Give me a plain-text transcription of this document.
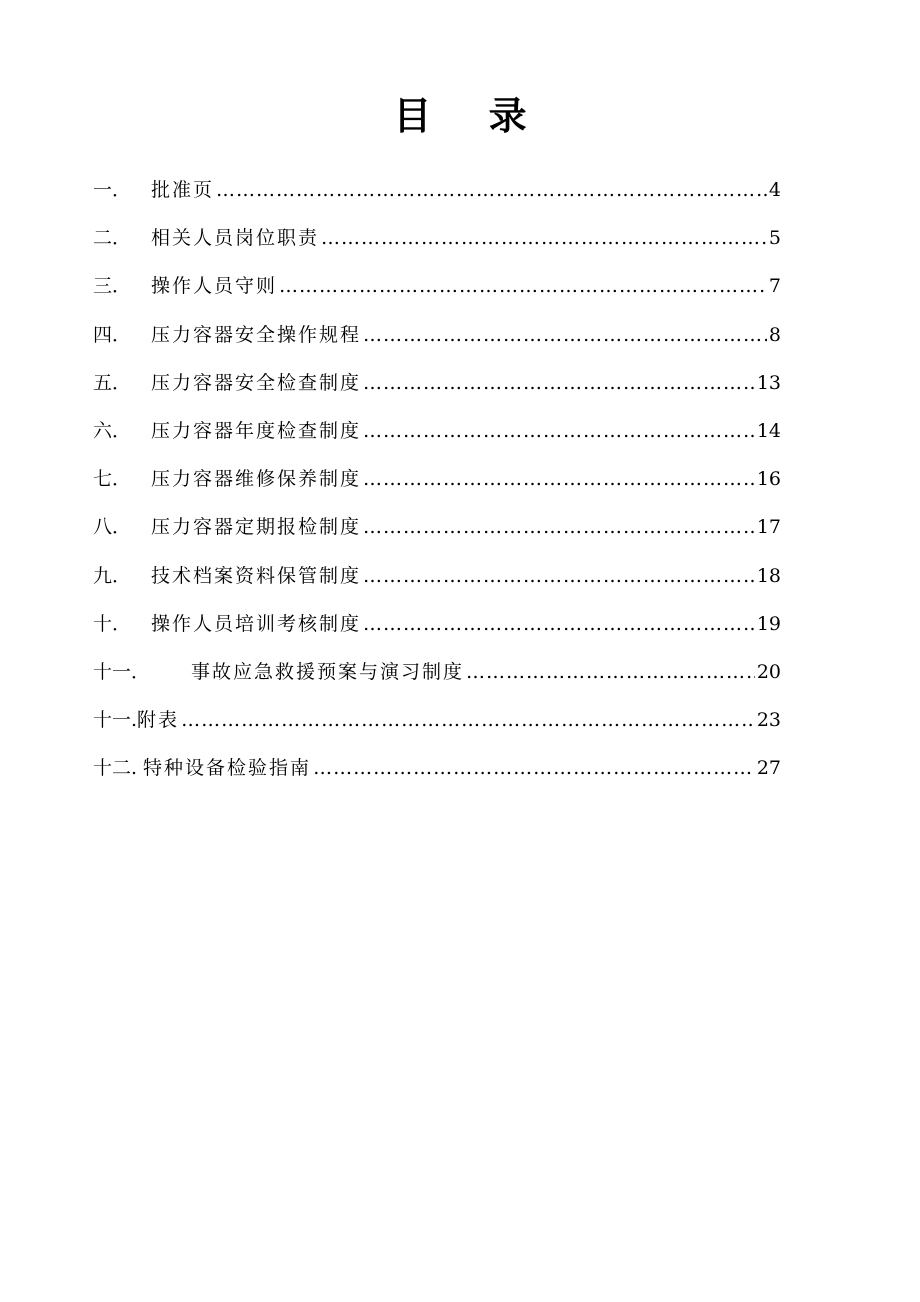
目 录
一．	批准页 …………………………………………………………………………………………………………………………………………	4
二．	相关人员岗位职责 …………………………………………………………………………………………………………………………………………	5
三．	操作人员守则 …………………………………………………………………………………………………………………………………………	7
四．	压力容器安全操作规程 …………………………………………………………………………………………………………………………………………	8
五．	压力容器安全检查制度 …………………………………………………………………………………………………………………………………………	13
六．	压力容器年度检查制度 …………………………………………………………………………………………………………………………………………	14
七．	压力容器维修保养制度 …………………………………………………………………………………………………………………………………………	16
八．	压力容器定期报检制度 …………………………………………………………………………………………………………………………………………	17
九．	技术档案资料保管制度 …………………………………………………………………………………………………………………………………………	18
十．	操作人员培训考核制度 …………………………………………………………………………………………………………………………………………	19
十一．	事故应急救援预案与演习制度 …………………………………………………………………………………………………………………………………………	20
十一. 附表 …………………………………………………………………………………………………………………………………………	23
十二. 特种设备检验指南 …………………………………………………………………………………………………………………………………………	27
